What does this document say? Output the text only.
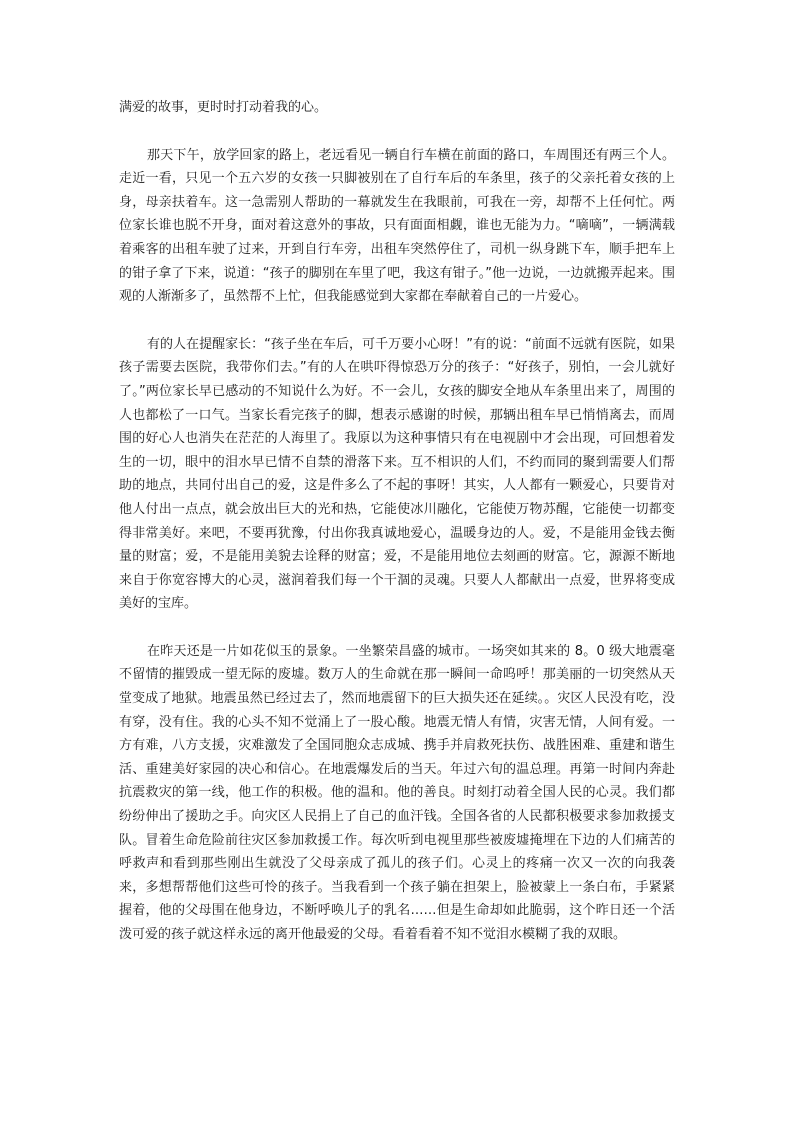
满爱的故事，更时时打动着我的心。

那天下午，放学回家的路上，老远看见一辆自行车横在前面的路口，车周围还有两三个人。走近一看，只见一个五六岁的女孩一只脚被别在了自行车后的车条里，孩子的父亲托着女孩的上身，母亲扶着车。这一急需别人帮助的一幕就发生在我眼前，可我在一旁，却帮不上任何忙。两位家长谁也脱不开身，面对着这意外的事故，只有面面相觑，谁也无能为力。“嘀嘀”，一辆满载着乘客的出租车驶了过来，开到自行车旁，出租车突然停住了，司机一纵身跳下车，顺手把车上的钳子拿了下来，说道：“孩子的脚别在车里了吧，我这有钳子。”他一边说，一边就搬弄起来。围观的人渐渐多了，虽然帮不上忙，但我能感觉到大家都在奉献着自己的一片爱心。

有的人在提醒家长：“孩子坐在车后，可千万要小心呀！”有的说：“前面不远就有医院，如果孩子需要去医院，我带你们去。”有的人在哄吓得惊恐万分的孩子：“好孩子，别怕，一会儿就好了。”两位家长早已感动的不知说什么为好。不一会儿，女孩的脚安全地从车条里出来了，周围的人也都松了一口气。当家长看完孩子的脚，想表示感谢的时候，那辆出租车早已悄悄离去，而周围的好心人也消失在茫茫的人海里了。我原以为这种事情只有在电视剧中才会出现，可回想着发生的一切，眼中的泪水早已情不自禁的滑落下来。互不相识的人们，不约而同的聚到需要人们帮助的地点，共同付出自己的爱，这是件多么了不起的事呀！其实，人人都有一颗爱心，只要肯对他人付出一点点，就会放出巨大的光和热，它能使冰川融化，它能使万物苏醒，它能使一切都变得非常美好。来吧，不要再犹豫，付出你我真诚地爱心，温暖身边的人。爱，不是能用金钱去衡量的财富；爱，不是能用美貌去诠释的财富；爱，不是能用地位去刻画的财富。它，源源不断地来自于你宽容博大的心灵，滋润着我们每一个干涸的灵魂。只要人人都献出一点爱，世界将变成美好的宝库。

在昨天还是一片如花似玉的景象。一坐繁荣昌盛的城市。一场突如其来的 8。0 级大地震毫不留情的摧毁成一望无际的废墟。数万人的生命就在那一瞬间一命呜呼！那美丽的一切突然从天堂变成了地狱。地震虽然已经过去了，然而地震留下的巨大损失还在延续。。灾区人民没有吃，没有穿，没有住。我的心头不知不觉涌上了一股心酸。地震无情人有情，灾害无情，人间有爱。一方有难，八方支援，灾难激发了全国同胞众志成城、携手并肩救死扶伤、战胜困难、重建和谐生活、重建美好家园的决心和信心。在地震爆发后的当天。年过六旬的温总理。再第一时间内奔赴抗震救灾的第一线，他工作的积极。他的温和。他的善良。时刻打动着全国人民的心灵。我们都纷纷伸出了援助之手。向灾区人民捐上了自己的血汗钱。全国各省的人民都积极要求参加救援支队。冒着生命危险前往灾区参加救援工作。每次听到电视里那些被废墟掩埋在下边的人们痛苦的呼救声和看到那些刚出生就没了父母亲成了孤儿的孩子们。心灵上的疼痛一次又一次的向我袭来，多想帮帮他们这些可怜的孩子。当我看到一个孩子躺在担架上，脸被蒙上一条白布，手紧紧握着，他的父母围在他身边，不断呼唤儿子的乳名……但是生命却如此脆弱，这个昨日还一个活泼可爱的孩子就这样永远的离开他最爱的父母。看着看着不知不觉泪水模糊了我的双眼。
